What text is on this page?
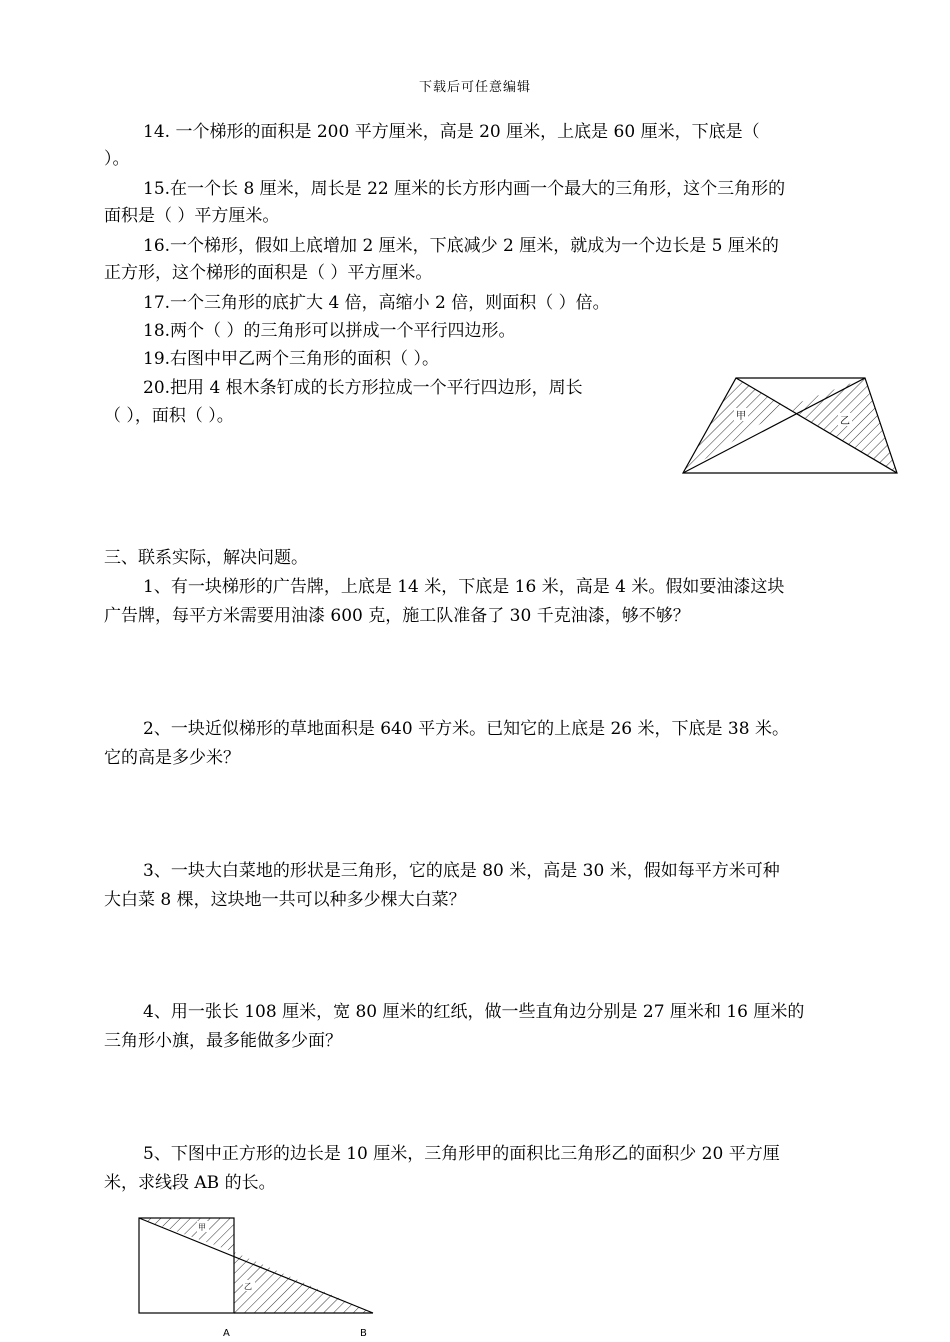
下载后可任意编辑
14. 一个梯形的面积是 200 平方厘米，高是 20 厘米，上底是 60 厘米，下底是（
）。
15.在一个长 8 厘米，周长是 22 厘米的长方形内画一个最大的三角形，这个三角形的
面积是（ ）平方厘米。
16.一个梯形，假如上底增加 2 厘米，下底减少 2 厘米，就成为一个边长是 5 厘米的
正方形，这个梯形的面积是（ ）平方厘米。
17.一个三角形的底扩大 4 倍，高缩小 2 倍，则面积（ ）倍。
18.两个（ ）的三角形可以拼成一个平行四边形。
19.右图中甲乙两个三角形的面积（ ）。
20.把用 4 根木条钉成的长方形拉成一个平行四边形，周长
（ ），面积（ ）。	甲	乙
三、联系实际，解决问题。
1、有一块梯形的广告牌，上底是 14 米，下底是 16 米，高是 4 米。假如要油漆这块
广告牌，每平方米需要用油漆 600 克，施工队准备了 30 千克油漆，够不够？
2、一块近似梯形的草地面积是 640 平方米。已知它的上底是 26 米，下底是 38 米。
它的高是多少米？
3、一块大白菜地的形状是三角形，它的底是 80 米，高是 30 米，假如每平方米可种
大白菜 8 棵，这块地一共可以种多少棵大白菜？
4、用一张长 108 厘米，宽 80 厘米的红纸，做一些直角边分别是 27 厘米和 16 厘米的
三角形小旗，最多能做多少面？
5、下图中正方形的边长是 10 厘米，三角形甲的面积比三角形乙的面积少 20 平方厘
米，求线段 AB 的长。
甲
乙
A	B
